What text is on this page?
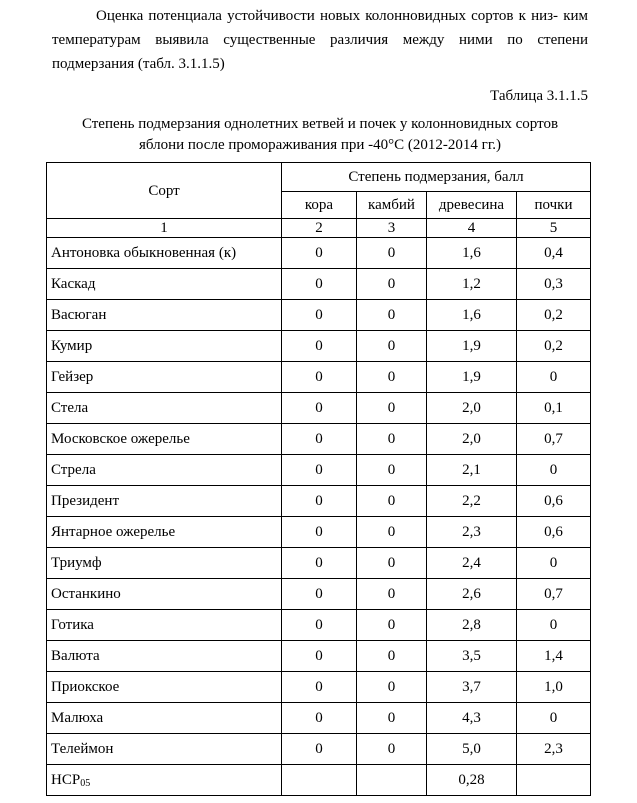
Оценка потенциала устойчивости новых колонновидных сортов к низ- ким температурам выявила существенные различия между ними по степени подмерзания (табл. 3.1.1.5)
Таблица 3.1.1.5
Степень подмерзания однолетних ветвей и почек у колонновидных сортов
яблони после промораживания при -40°С (2012-2014 гг.)
Сорт	Степень подмерзания, балл			
	кора	камбий	древесина	почки
1	2	3	4	5
Антоновка обыкновенная (к)	0	0	1,6	0,4
Каскад	0	0	1,2	0,3
Васюган	0	0	1,6	0,2
Кумир	0	0	1,9	0,2
Гейзер	0	0	1,9	0
Стела	0	0	2,0	0,1
Московское ожерелье	0	0	2,0	0,7
Стрела	0	0	2,1	0
Президент	0	0	2,2	0,6
Янтарное ожерелье	0	0	2,3	0,6
Триумф	0	0	2,4	0
Останкино	0	0	2,6	0,7
Готика	0	0	2,8	0
Валюта	0	0	3,5	1,4
Приокское	0	0	3,7	1,0
Малюха	0	0	4,3	0
Телеймон	0	0	5,0	2,3
$НСР_{05}$			0,28	
